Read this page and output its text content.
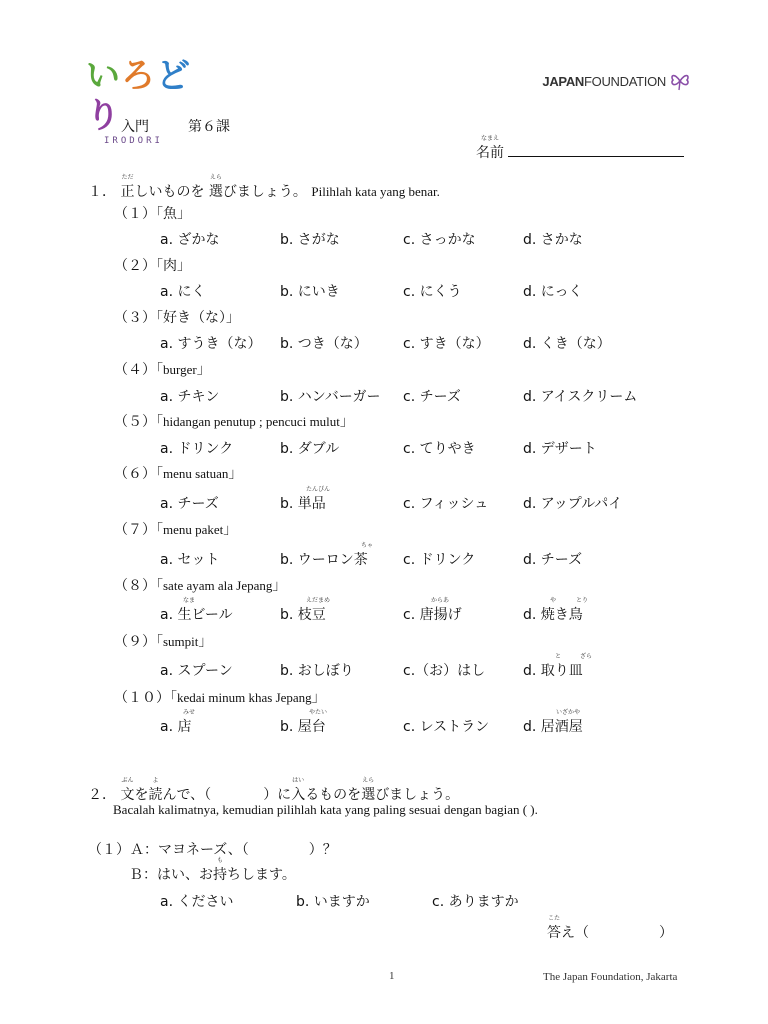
いろどり
IRODORI
JAPANFOUNDATION
入門	第６課
なまえ
名前
１．
ただ
正しいものを
えら
選びましょう。 Pilihlah kata yang benar.
（１）「魚」
a. ざかな	b. さがな	c. さっかな	d. さかな
（２）「肉」
a. にく	b. にいき	c. にくう	d. にっく
（３）「好き（な）」
a. すうき（な） b. つき（な）	c. すき（な） d. くき（な）
（４）「burger」
a. チキン	b. ハンバーガー c. チーズ	d. アイスクリーム
（５）「hidangan penutup ; pencuci mulut」
a. ドリンク	b. ダブル	c. てりやき	d. デザート
（６）「menu satuan」
a. チーズ
たんぴん
b. 単品	c. フィッシュ d. アップルパイ
（７）「menu paket」
a. セット
ちゃ
b. ウーロン茶	c. ドリンク	d. チーズ
（８）「sate ayam ala Jepang」
なま
a. 生ビール
えだまめ
b. 枝豆
からあ
c. 唐揚げ
や	とり
d. 焼き鳥
（９）「sumpit」
a. スプーン	b. おしぼり	c.（お）はし
と	ざら
d. 取り皿
（１０）「kedai minum khas Jepang」
みせ
a. 店
やたい
b. 屋台	c. レストラン
いざかや
d. 居酒屋
２．
ぶん
文を
よ
読んで、（	）に
はい
入るものを
えら
選びましょう。
Bacalah kalimatnya, kemudian pilihlah kata yang paling sesuai dengan bagian ( ).
（１）Ａ：マヨネーズ、（	）？
Ｂ：はい、お
も
持ちします。
a. ください	b. いますか	c. ありますか
こた
答え（	）
1	The Japan Foundation, Jakarta
